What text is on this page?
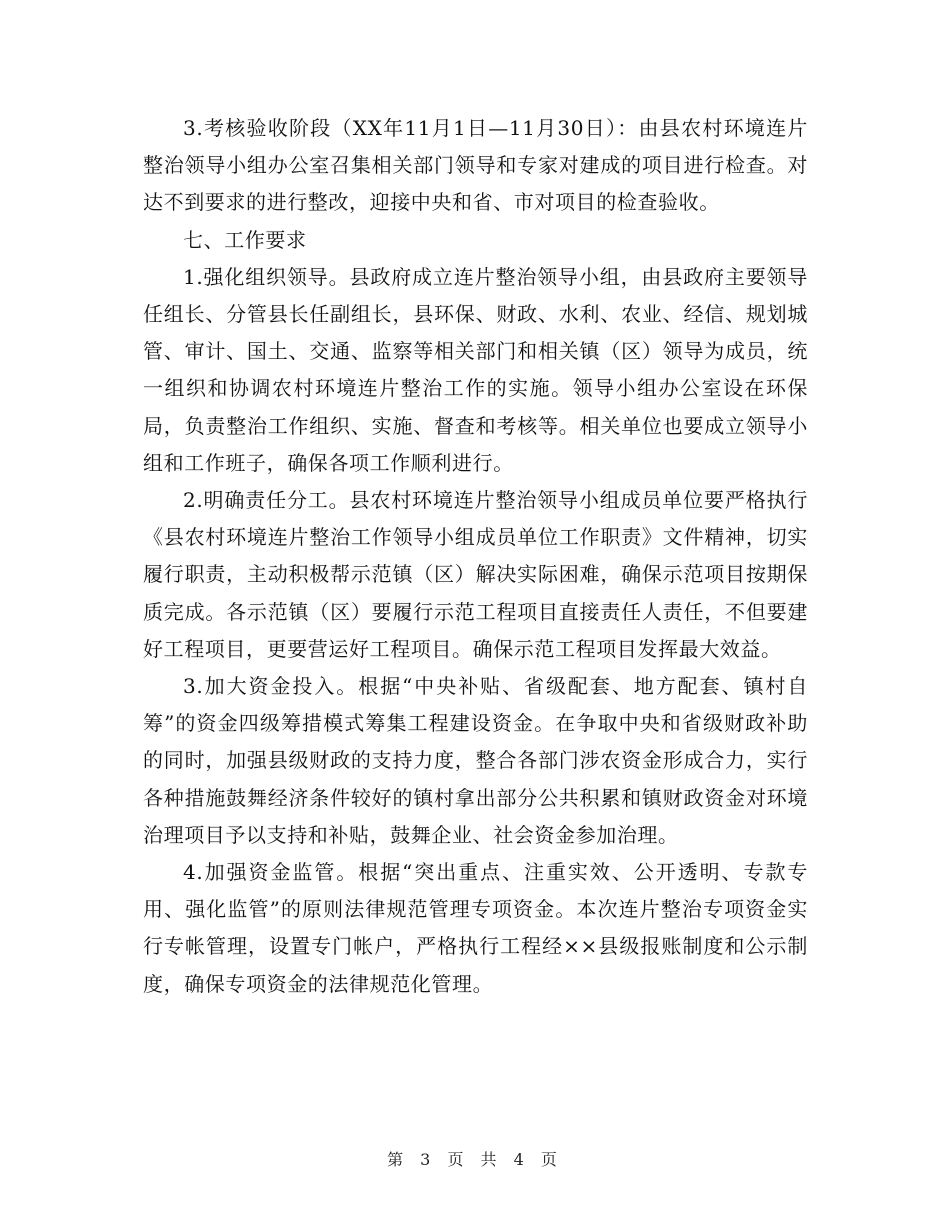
3.考核验收阶段（XX年11月1日—11月30日）：由县农村环境连片整治领导小组办公室召集相关部门领导和专家对建成的项目进行检查。对达不到要求的进行整改，迎接中央和省、市对项目的检查验收。

七、工作要求

1.强化组织领导。县政府成立连片整治领导小组，由县政府主要领导任组长、分管县长任副组长，县环保、财政、水利、农业、经信、规划城管、审计、国土、交通、监察等相关部门和相关镇（区）领导为成员，统一组织和协调农村环境连片整治工作的实施。领导小组办公室设在环保局，负责整治工作组织、实施、督查和考核等。相关单位也要成立领导小组和工作班子，确保各项工作顺利进行。

2.明确责任分工。县农村环境连片整治领导小组成员单位要严格执行《县农村环境连片整治工作领导小组成员单位工作职责》文件精神，切实履行职责，主动积极帮示范镇（区）解决实际困难，确保示范项目按期保质完成。各示范镇（区）要履行示范工程项目直接责任人责任，不但要建好工程项目，更要营运好工程项目。确保示范工程项目发挥最大效益。

3.加大资金投入。根据“中央补贴、省级配套、地方配套、镇村自筹”的资金四级筹措模式筹集工程建设资金。在争取中央和省级财政补助的同时，加强县级财政的支持力度，整合各部门涉农资金形成合力，实行各种措施鼓舞经济条件较好的镇村拿出部分公共积累和镇财政资金对环境治理项目予以支持和补贴，鼓舞企业、社会资金参加治理。

4.加强资金监管。根据“突出重点、注重实效、公开透明、专款专用、强化监管”的原则法律规范管理专项资金。本次连片整治专项资金实行专帐管理，设置专门帐户，严格执行工程经××县级报账制度和公示制度，确保专项资金的法律规范化管理。

第 3 页 共 4 页
